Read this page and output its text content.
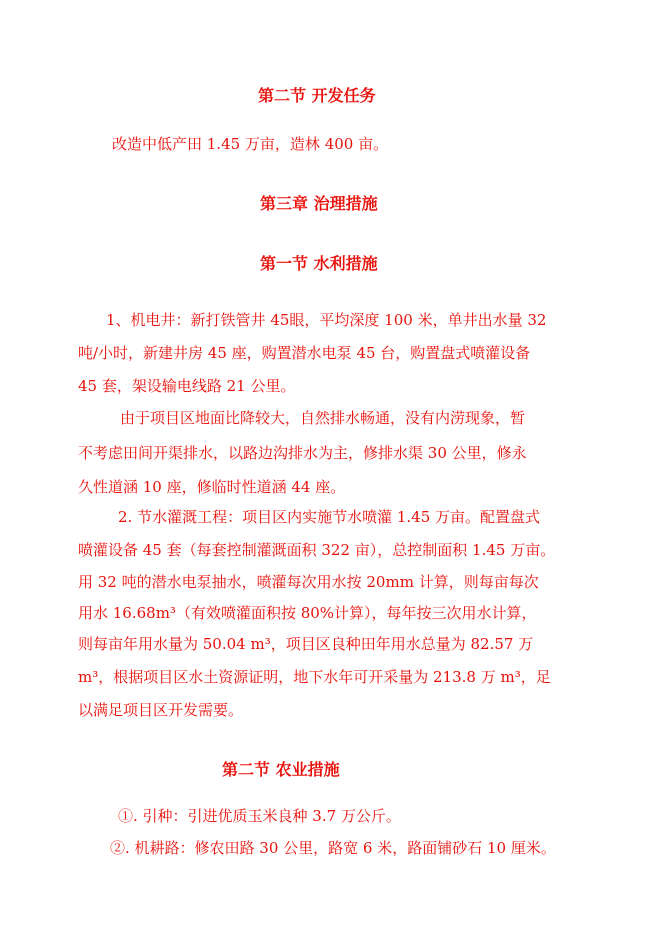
第二节 开发任务
改造中低产田 1.45 万亩，造林 400 亩。
第三章 治理措施
第一节 水利措施
1、机电井：新打铁管井 45眼，平均深度 100 米，单井出水量 32
吨/小时，新建井房 45 座，购置潜水电泵 45 台，购置盘式喷灌设备
45 套，架设输电线路 21 公里。
由于项目区地面比降较大，自然排水畅通，没有内涝现象，暂
不考虑田间开渠排水，以路边沟排水为主，修排水渠 30 公里，修永
久性道涵 10 座，修临时性道涵 44 座。
2. 节水灌溉工程：项目区内实施节水喷灌 1.45 万亩。配置盘式
喷灌设备 45 套（每套控制灌溉面积 322 亩），总控制面积 1.45 万亩。
用 32 吨的潜水电泵抽水，喷灌每次用水按 20mm 计算，则每亩每次
用水 16.68m³（有效喷灌面积按 80%计算），每年按三次用水计算，
则每亩年用水量为 50.04 m³，项目区良种田年用水总量为 82.57 万
m³，根据项目区水土资源证明，地下水年可开采量为 213.8 万 m³，足
以满足项目区开发需要。
第二节 农业措施
①. 引种：引进优质玉米良种 3.7 万公斤。
②. 机耕路：修农田路 30 公里，路宽 6 米，路面铺砂石 10 厘米。
